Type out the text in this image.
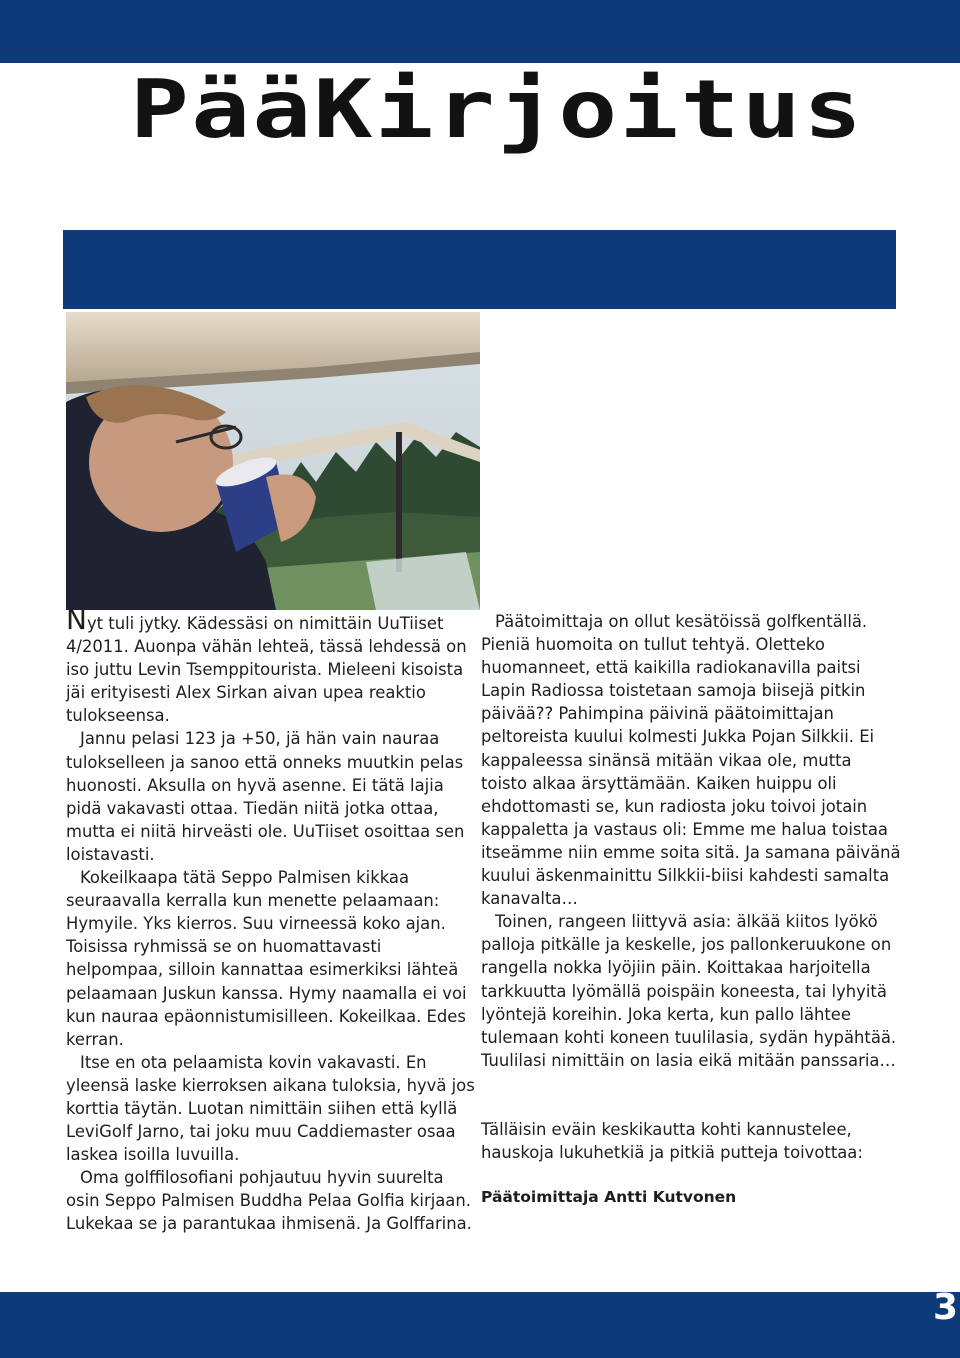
PääKirjoitus

Nyt tuli jytky. Kädessäsi on nimittäin UuTiiset 4/2011. Auonpa vähän lehteä, tässä lehdessä on iso juttu Levin Tsemppitourista. Mieleeni kisoista jäi erityisesti Alex Sirkan aivan upea reaktio tulokseensa.

Jannu pelasi 123 ja +50, jä hän vain nauraa tulokselleen ja sanoo että onneks muutkin pelas huonosti. Aksulla on hyvä asenne. Ei tätä lajia pidä vakavasti ottaa. Tiedän niitä jotka ottaa, mutta ei niitä hirveästi ole. UuTiiset osoittaa sen loistavasti.

Kokeilkaapa tätä Seppo Palmisen kikkaa seuraavalla kerralla kun menette pelaamaan: Hymyile. Yks kierros. Suu virneessä koko ajan. Toisissa ryhmissä se on huomattavasti helpompaa, silloin kannattaa esimerkiksi lähteä pelaamaan Juskun kanssa. Hymy naamalla ei voi kun nauraa epäonnistumisilleen. Kokeilkaa. Edes kerran.

Itse en ota pelaamista kovin vakavasti. En yleensä laske kierroksen aikana tuloksia, hyvä jos korttia täytän. Luotan nimittäin siihen että kyllä LeviGolf Jarno, tai joku muu Caddiemaster osaa laskea isoilla luvuilla.

Oma golffilosofiani pohjautuu hyvin suurelta osin Seppo Palmisen Buddha Pelaa Golfia kirjaan. Lukekaa se ja parantukaa ihmisenä. Ja Golffarina.

Päätoimittaja on ollut kesätöissä golfkentällä. Pieniä huomoita on tullut tehtyä. Oletteko huomanneet, että kaikilla radiokanavilla paitsi Lapin Radiossa toistetaan samoja biisejä pitkin päivää?? Pahimpina päivinä päätoimittajan peltoreista kuului kolmesti Jukka Pojan Silkkii. Ei kappaleessa sinänsä mitään vikaa ole, mutta toisto alkaa ärsyttämään. Kaiken huippu oli ehdottomasti se, kun radiosta joku toivoi jotain kappaletta ja vastaus oli: Emme me halua toistaa itseämme niin emme soita sitä. Ja samana päivänä kuului äskenmainittu Silkkii-biisi kahdesti samalta kanavalta…

Toinen, rangeen liittyvä asia: älkää kiitos lyökö palloja pitkälle ja keskelle, jos pallonkeruukone on rangella nokka lyöjiin päin. Koittakaa harjoitella tarkkuutta lyömällä poispäin koneesta, tai lyhyitä lyöntejä koreihin. Joka kerta, kun pallo lähtee tulemaan kohti koneen tuulilasia, sydän hypähtää. Tuulilasi nimittäin on lasia eikä mitään panssaria…

Tälläisin eväin keskikautta kohti kannustelee, hauskoja lukuhetkiä ja pitkiä putteja toivottaa:

Päätoimittaja Antti Kutvonen

3
